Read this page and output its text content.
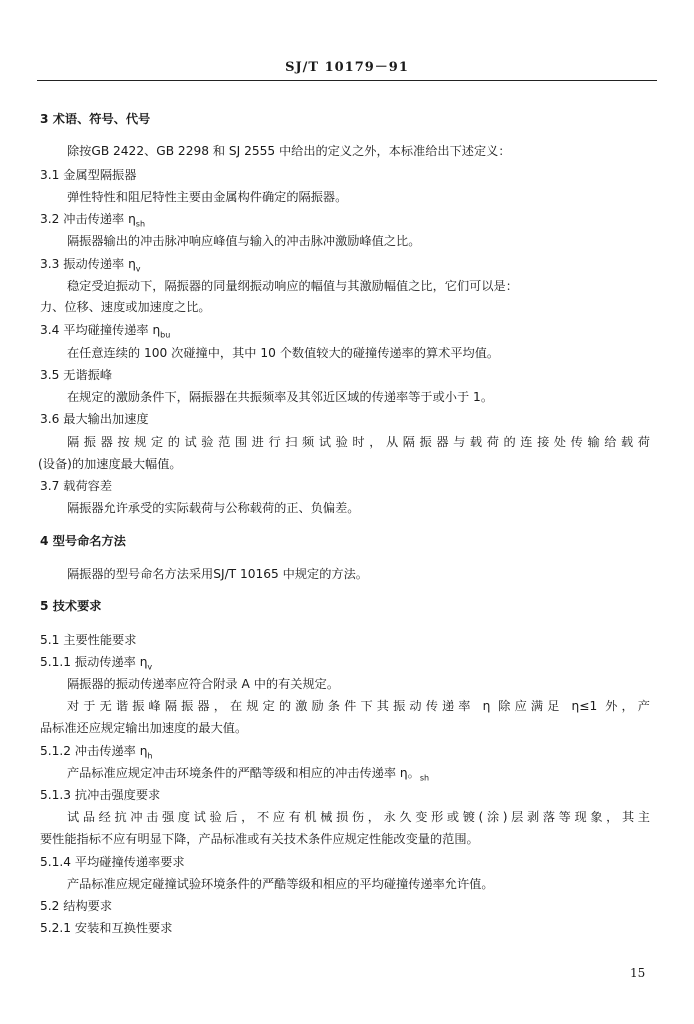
SJ/T 10179－91
3 术语、符号、代号
除按GB 2422、GB 2298 和 SJ 2555 中给出的定义之外，本标准给出下述定义：
3.1 金属型隔振器
弹性特性和阻尼特性主要由金属构件确定的隔振器。
3.2 冲击传递率 $\eta_{sh}$
隔振器输出的冲击脉冲响应峰值与输入的冲击脉冲激励峰值之比。
3.3 振动传递率 $\eta_v$
稳定受迫振动下，隔振器的同量纲振动响应的幅值与其激励幅值之比，它们可以是：
力、位移、速度或加速度之比。
3.4 平均碰撞传递率 $\eta_{bu}$
在任意连续的 100 次碰撞中，其中 10 个数值较大的碰撞传递率的算术平均值。
3.5 无谐振峰
在规定的激励条件下，隔振器在共振频率及其邻近区域的传递率等于或小于 1。
3.6 最大输出加速度
隔振器按规定的试验范围进行扫频试验时，从隔振器与载荷的连接处传输给载荷
(设备)的加速度最大幅值。
3.7 载荷容差
隔振器允许承受的实际载荷与公称载荷的正、负偏差。
4 型号命名方法
隔振器的型号命名方法采用SJ/T 10165 中规定的方法。
5 技术要求
5.1 主要性能要求
5.1.1 振动传递率 $\eta_v$
隔振器的振动传递率应符合附录 A 中的有关规定。
对于无谐振峰隔振器，在规定的激励条件下其振动传递率 η 除应满足 η≤1 外，产
品标准还应规定输出加速度的最大值。
5.1.2 冲击传递率 $\eta_h$
产品标准应规定冲击环境条件的严酷等级和相应的冲击传递率 η。$_{sh}$
5.1.3 抗冲击强度要求
试品经抗冲击强度试验后，不应有机械损伤，永久变形或镀(涂)层剥落等现象，其主
要性能指标不应有明显下降，产品标准或有关技术条件应规定性能改变量的范围。
5.1.4 平均碰撞传递率要求
产品标准应规定碰撞试验环境条件的严酷等级和相应的平均碰撞传递率允许值。
5.2 结构要求
5.2.1 安装和互换性要求
15
